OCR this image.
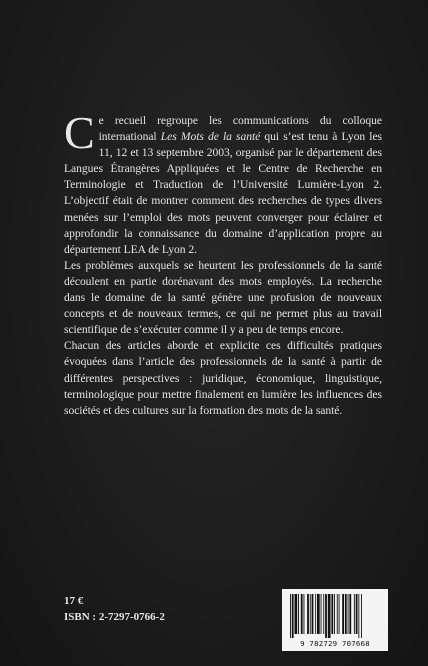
Ce recueil regroupe les communications du colloque international Les Mots de la santé qui s’est tenu à Lyon les 11, 12 et 13 septembre 2003, organisé par le département des Langues Étrangères Appliquées et le Centre de Recherche en Terminologie et Traduction de l’Université Lumière-Lyon 2. L’objectif était de montrer comment des recherches de types divers menées sur l’emploi des mots peuvent converger pour éclairer et approfondir la connaissance du domaine d’application propre au département LEA de Lyon 2.

Les problèmes auxquels se heurtent les professionnels de la santé découlent en partie dorénavant des mots employés. La recherche dans le domaine de la santé génère une profusion de nouveaux concepts et de nouveaux termes, ce qui ne permet plus au travail scientifique de s’exécuter comme il y a peu de temps encore.

Chacun des articles aborde et explicite ces difficultés pratiques évoquées dans l’article des professionnels de la santé à partir de différentes perspectives : juridique, économique, linguistique, terminologique pour mettre finalement en lumière les influences des sociétés et des cultures sur la formation des mots de la santé.

17 €
ISBN : 2-7297-0766-2
9 782729 707668
